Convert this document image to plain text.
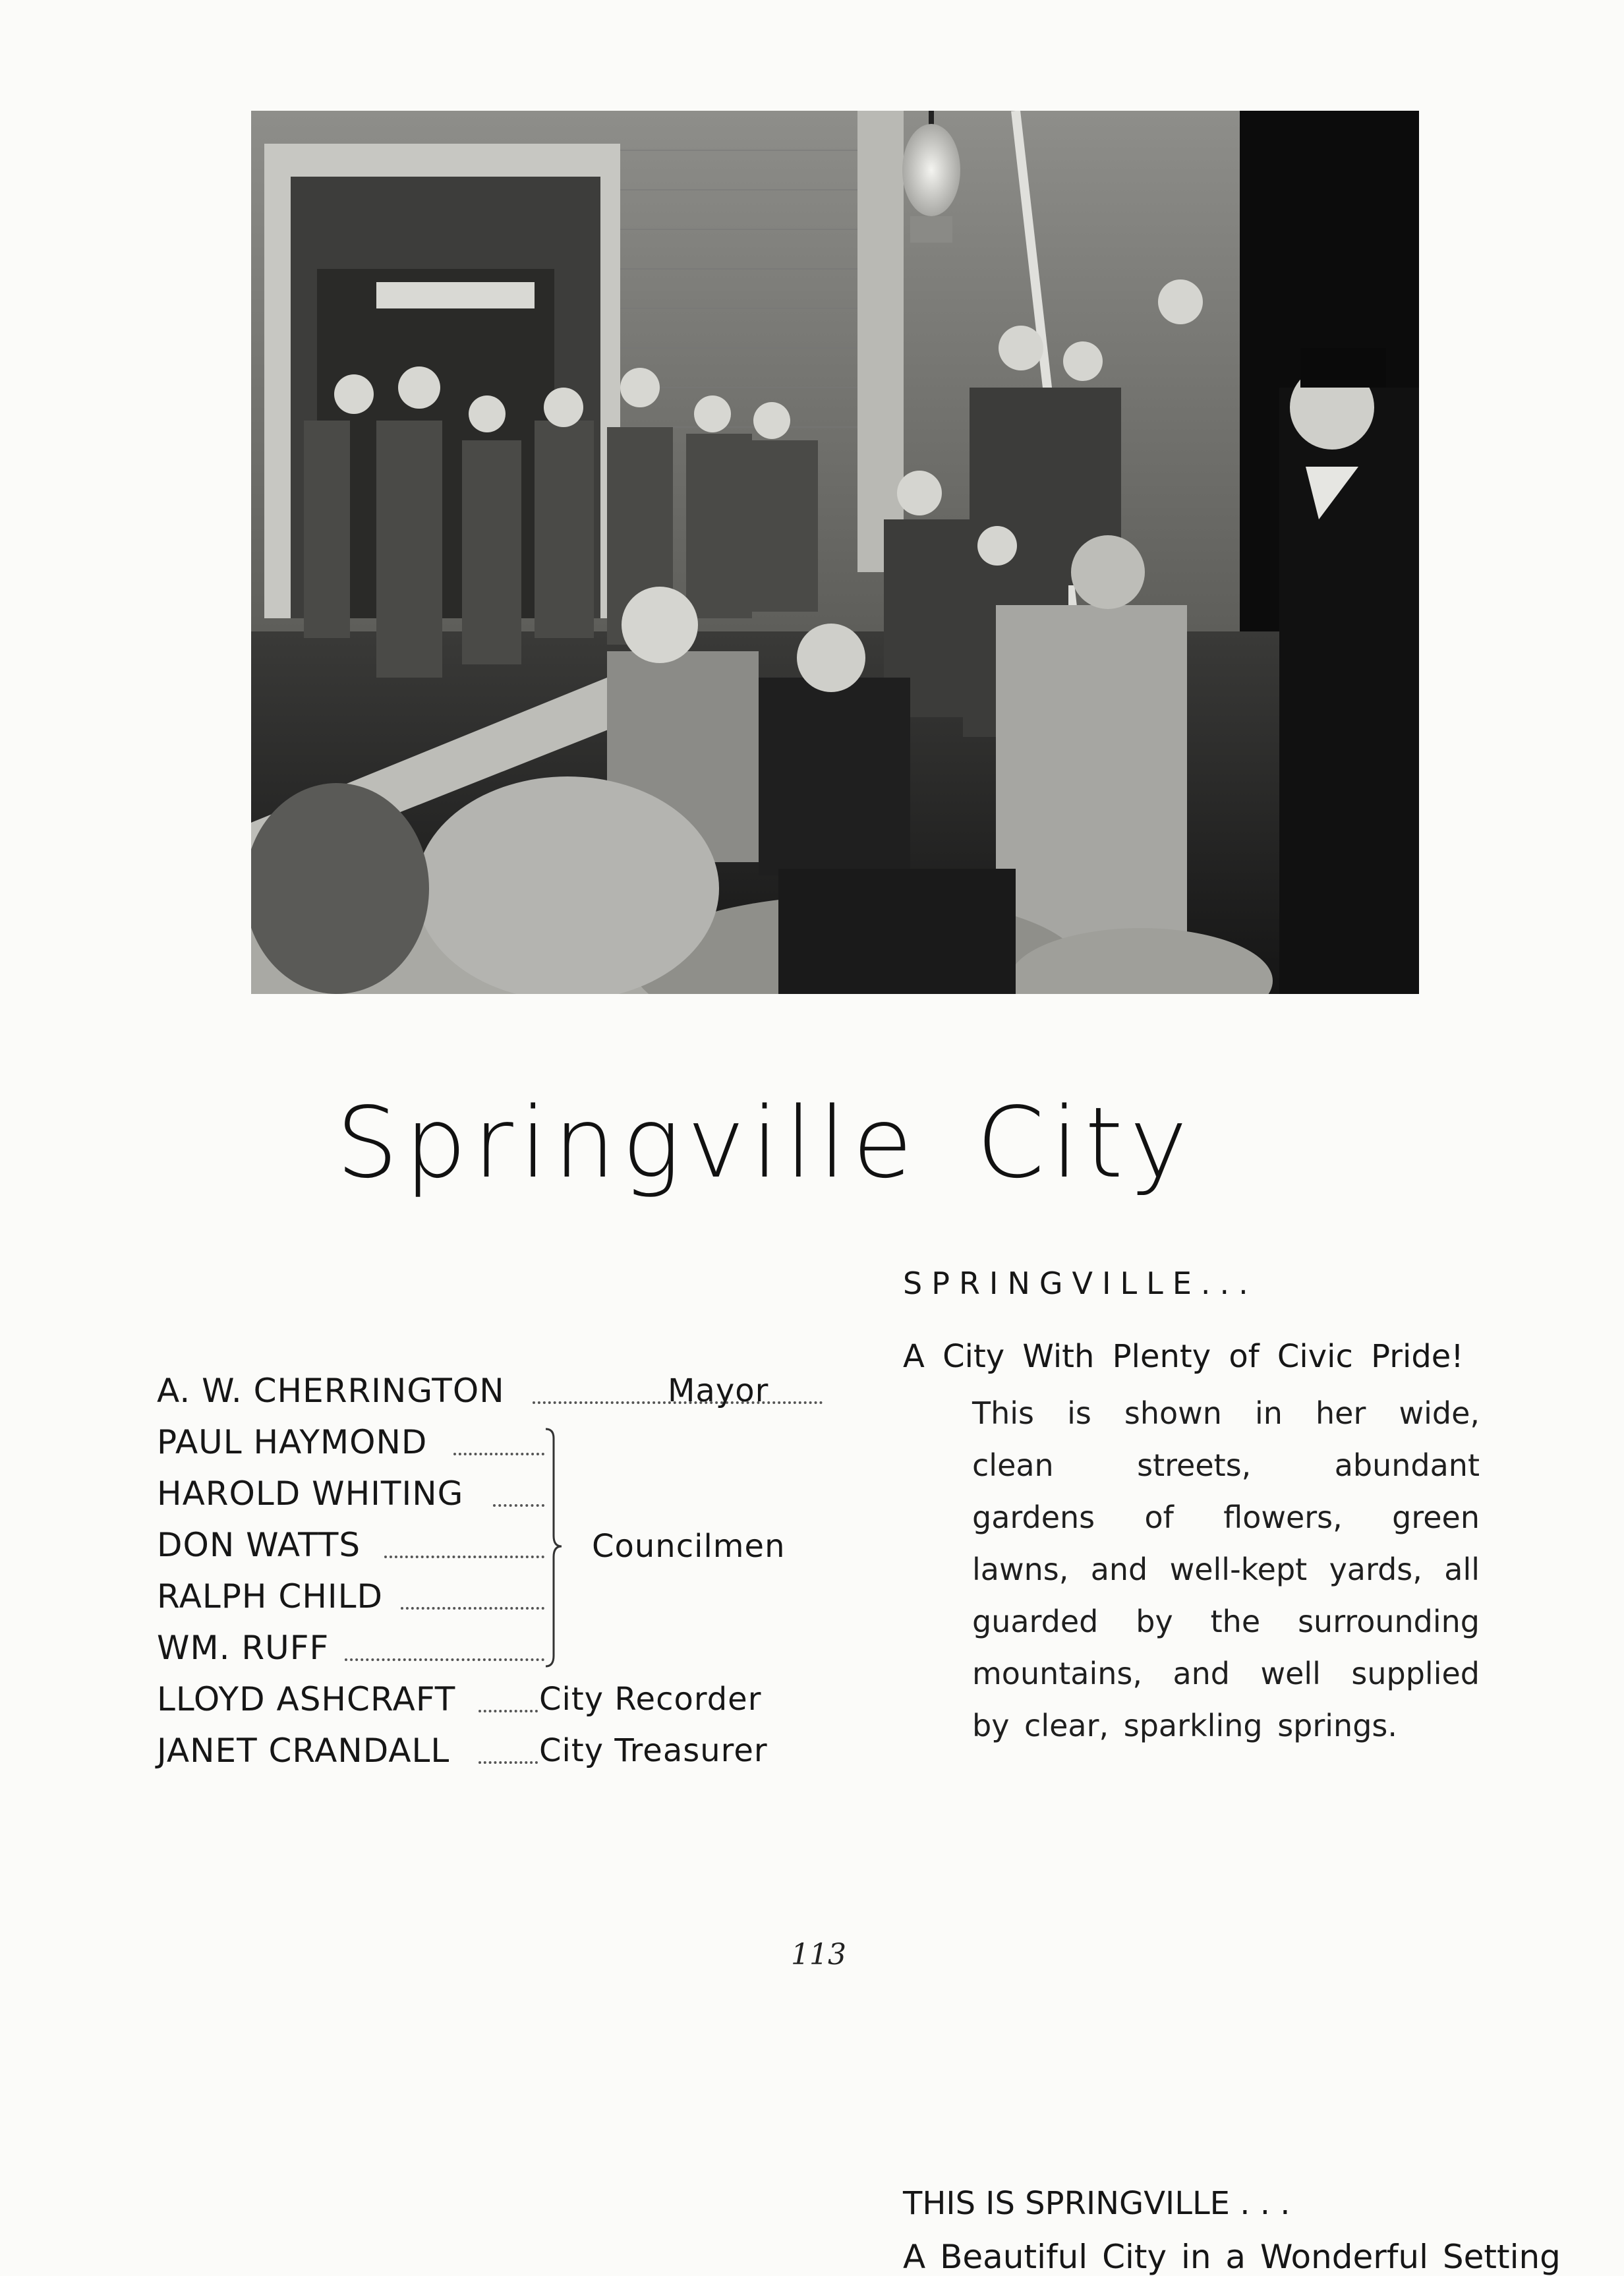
Springville City
A. W. CHERRINGTON	Mayor
PAUL HAYMOND
HAROLD WHITING
DON WATTS
RALPH CHILD
WM. RUFF
Councilmen
LLOYD ASHCRAFT	City Recorder
JANET CRANDALL	City Treasurer
SPRINGVILLE...
A City With Plenty of Civic Pride!
This is shown in her wide, clean streets, abundant gardens of flowers, green lawns, and well-kept yards, all guarded by the surrounding mountains, and well supplied by clear, sparkling springs.
THIS IS SPRINGVILLE . . .
A Beautiful City in a Wonderful Setting
113
